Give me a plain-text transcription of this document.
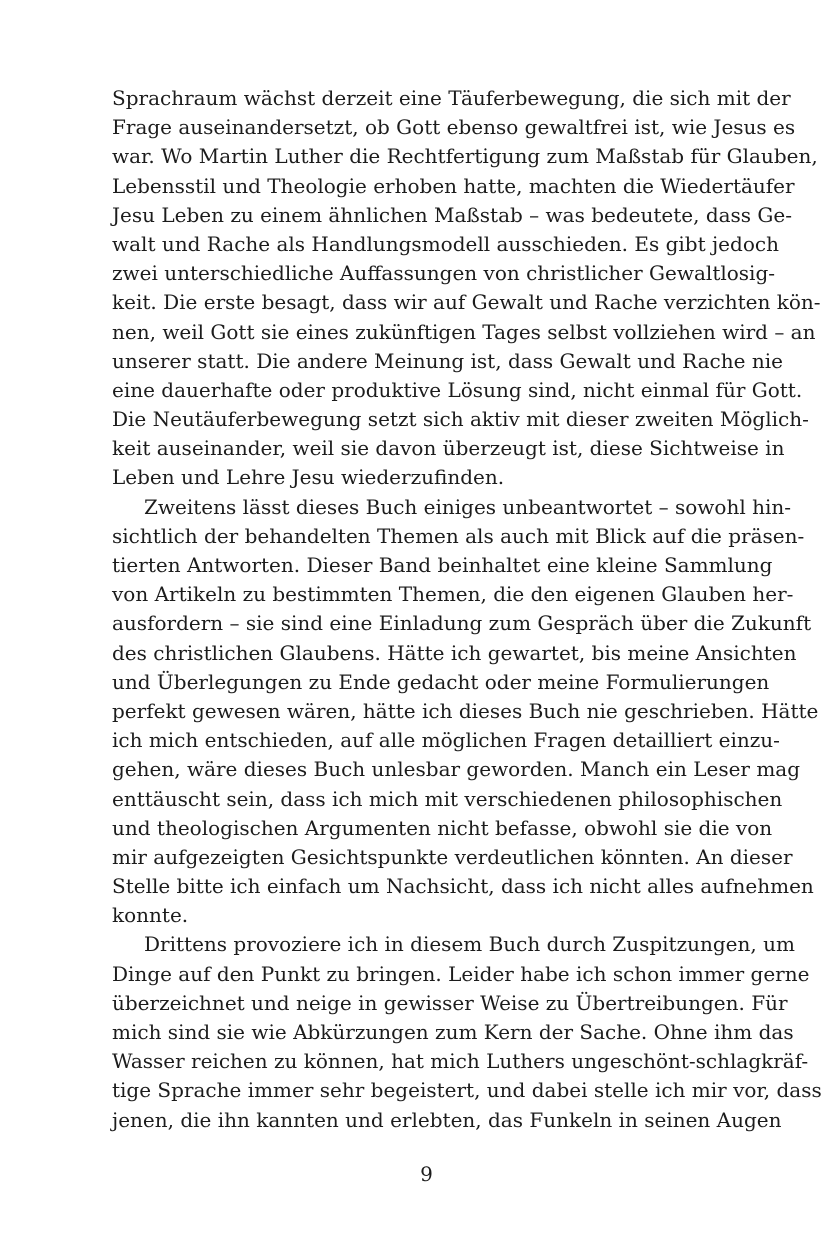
Sprachraum wächst derzeit eine Täuferbewegung, die sich mit der
Frage auseinandersetzt, ob Gott ebenso gewaltfrei ist, wie Jesus es
war. Wo Martin Luther die Rechtfertigung zum Maßstab für Glauben,
Lebensstil und Theologie erhoben hatte, machten die Wiedertäufer
Jesu Leben zu einem ähnlichen Maßstab – was bedeutete, dass Ge-
walt und Rache als Handlungsmodell ausschieden. Es gibt jedoch
zwei unterschiedliche Auffassungen von christlicher Gewaltlosig-
keit. Die erste besagt, dass wir auf Gewalt und Rache verzichten kön-
nen, weil Gott sie eines zukünftigen Tages selbst vollziehen wird – an
unserer statt. Die andere Meinung ist, dass Gewalt und Rache nie
eine dauerhafte oder produktive Lösung sind, nicht einmal für Gott.
Die Neutäuferbewegung setzt sich aktiv mit dieser zweiten Möglich-
keit auseinander, weil sie davon überzeugt ist, diese Sichtweise in
Leben und Lehre Jesu wiederzufinden.

Zweitens lässt dieses Buch einiges unbeantwortet – sowohl hin-
sichtlich der behandelten Themen als auch mit Blick auf die präsen-
tierten Antworten. Dieser Band beinhaltet eine kleine Sammlung
von Artikeln zu bestimmten Themen, die den eigenen Glauben her-
ausfordern – sie sind eine Einladung zum Gespräch über die Zukunft
des christlichen Glaubens. Hätte ich gewartet, bis meine Ansichten
und Überlegungen zu Ende gedacht oder meine Formulierungen
perfekt gewesen wären, hätte ich dieses Buch nie geschrieben. Hätte
ich mich entschieden, auf alle möglichen Fragen detailliert einzu-
gehen, wäre dieses Buch unlesbar geworden. Manch ein Leser mag
enttäuscht sein, dass ich mich mit verschiedenen philosophischen
und theologischen Argumenten nicht befasse, obwohl sie die von
mir aufgezeigten Gesichtspunkte verdeutlichen könnten. An dieser
Stelle bitte ich einfach um Nachsicht, dass ich nicht alles aufnehmen
konnte.

Drittens provoziere ich in diesem Buch durch Zuspitzungen, um
Dinge auf den Punkt zu bringen. Leider habe ich schon immer gerne
überzeichnet und neige in gewisser Weise zu Übertreibungen. Für
mich sind sie wie Abkürzungen zum Kern der Sache. Ohne ihm das
Wasser reichen zu können, hat mich Luthers ungeschönt-schlagkräf-
tige Sprache immer sehr begeistert, und dabei stelle ich mir vor, dass
jenen, die ihn kannten und erlebten, das Funkeln in seinen Augen

9
